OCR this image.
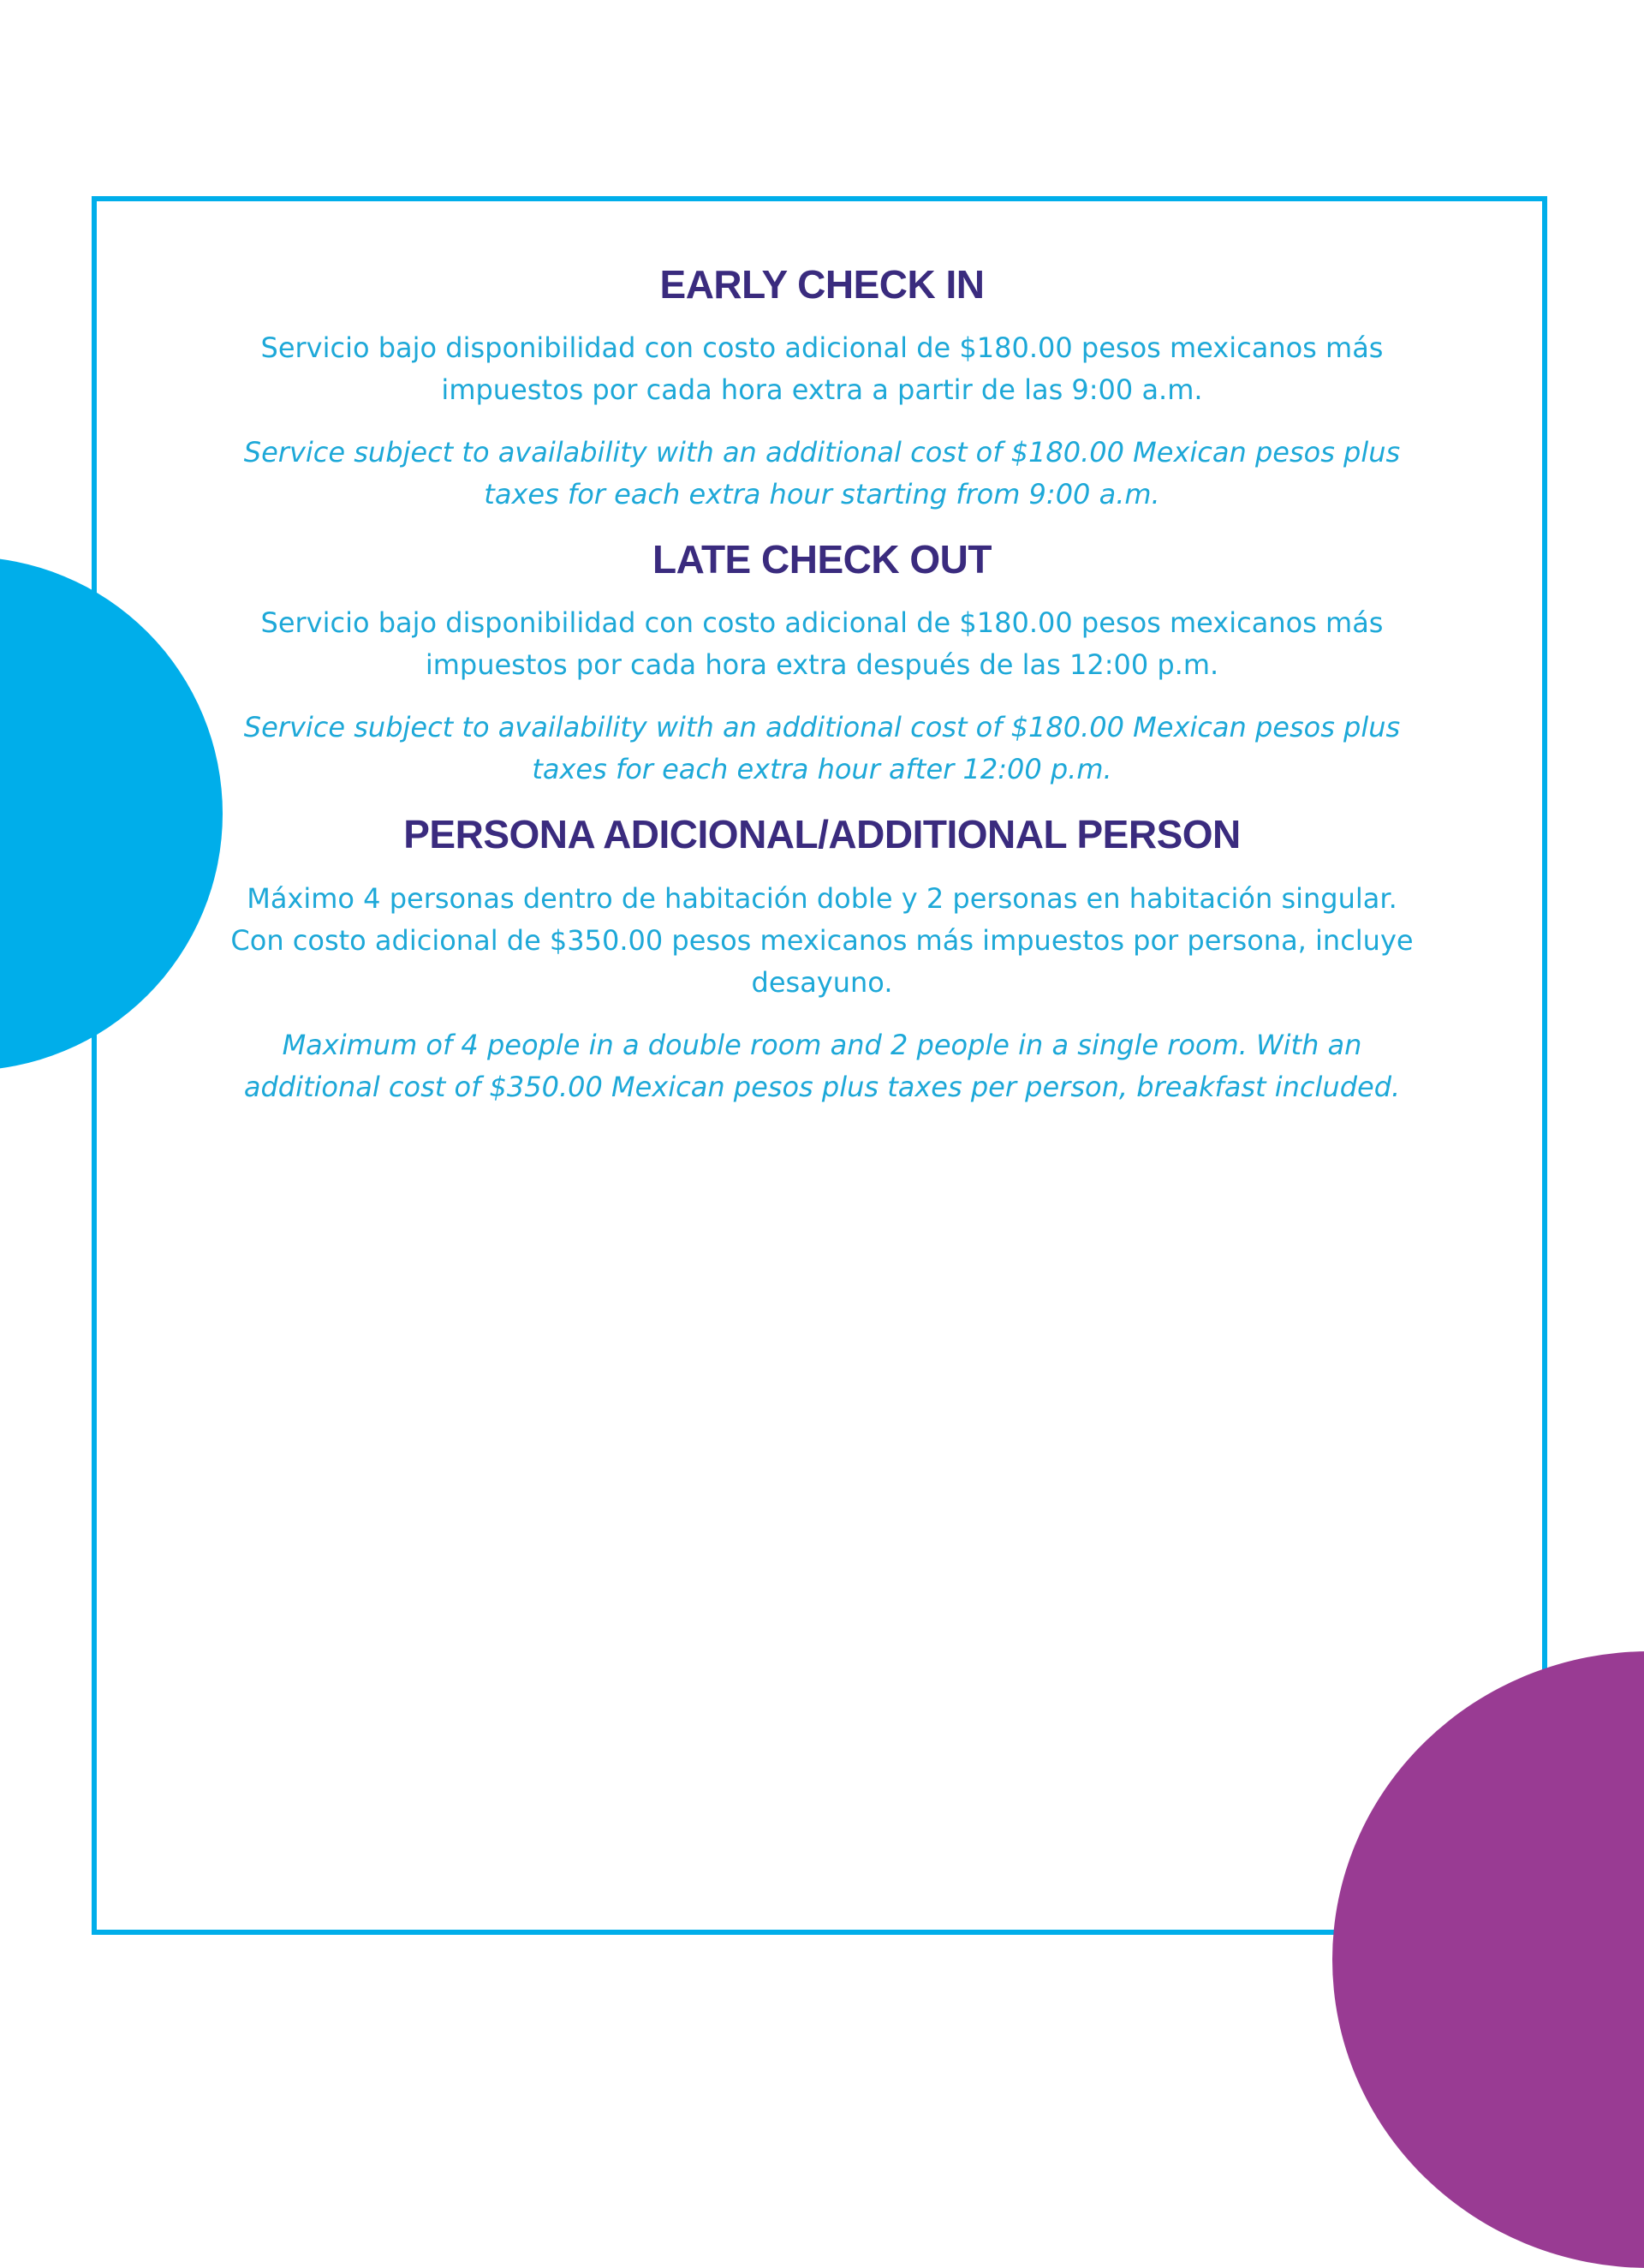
EARLY CHECK IN

Servicio bajo disponibilidad con costo adicional de $180.00 pesos mexicanos más impuestos por cada hora extra a partir de las 9:00 a.m.

Service subject to availability with an additional cost of $180.00 Mexican pesos plus taxes for each extra hour starting from 9:00 a.m.

LATE CHECK OUT

Servicio bajo disponibilidad con costo adicional de $180.00 pesos mexicanos más impuestos por cada hora extra después de las 12:00 p.m.

Service subject to availability with an additional cost of $180.00 Mexican pesos plus taxes for each extra hour after 12:00 p.m.

PERSONA ADICIONAL/ADDITIONAL PERSON

Máximo 4 personas dentro de habitación doble y 2 personas en habitación singular. Con costo adicional de $350.00 pesos mexicanos más impuestos por persona, incluye desayuno.

Maximum of 4 people in a double room and 2 people in a single room. With an additional cost of $350.00 Mexican pesos plus taxes per person, breakfast included.
